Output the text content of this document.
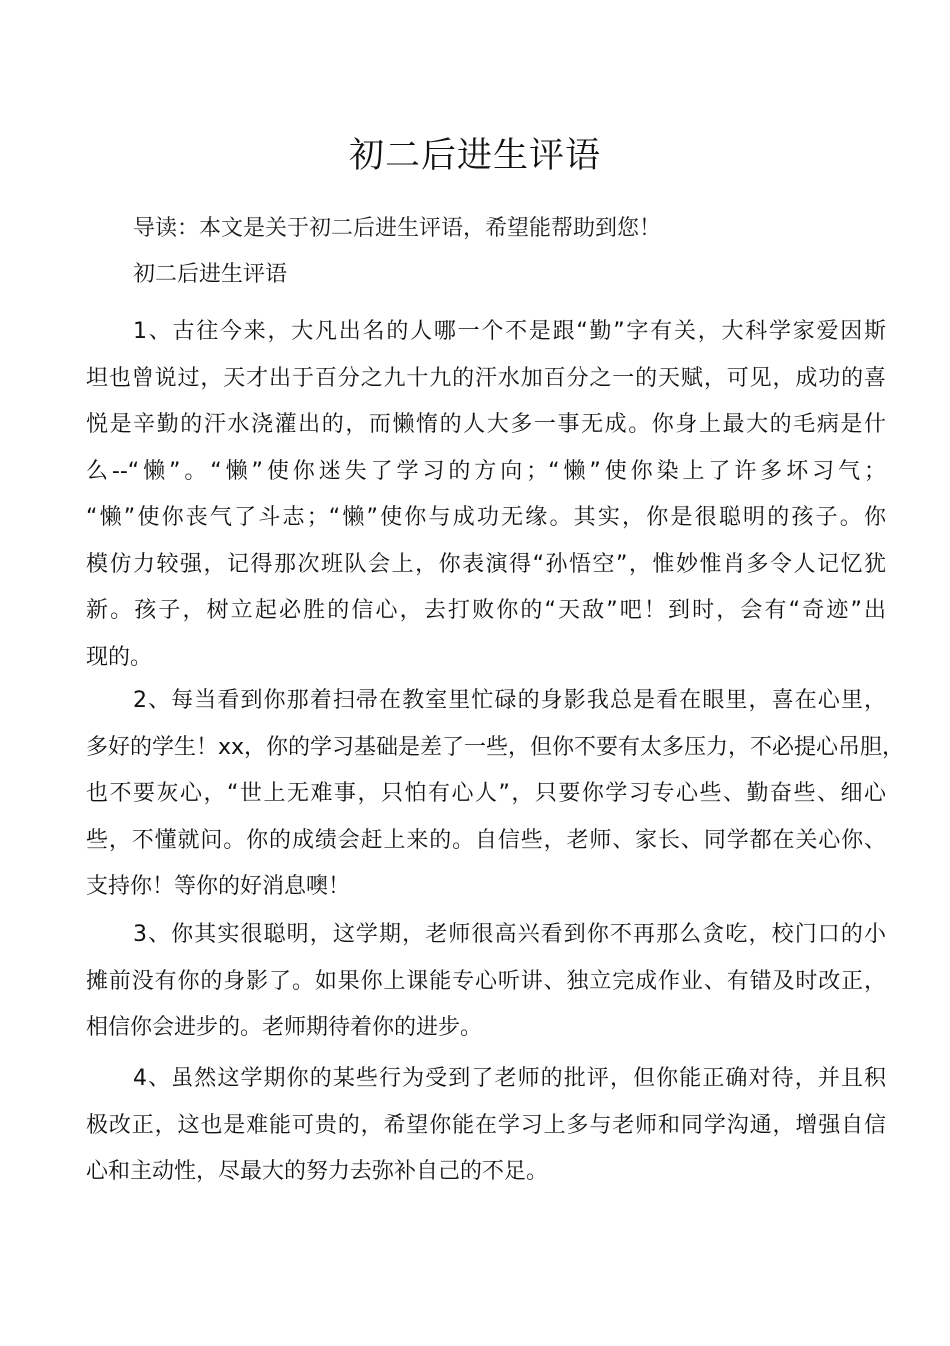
初二后进生评语
导读：本文是关于初二后进生评语，希望能帮助到您！
初二后进生评语
1、古往今来，大凡出名的人哪一个不是跟“勤”字有关，大科学家爱因斯
坦也曾说过，天才出于百分之九十九的汗水加百分之一的天赋，可见，成功的喜
悦是辛勤的汗水浇灌出的，而懒惰的人大多一事无成。你身上最大的毛病是什
么--“懒”。“懒”使你迷失了学习的方向；“懒”使你染上了许多坏习气；
“懒”使你丧气了斗志；“懒”使你与成功无缘。其实，你是很聪明的孩子。你
模仿力较强，记得那次班队会上，你表演得“孙悟空”，惟妙惟肖多令人记忆犹
新。孩子，树立起必胜的信心，去打败你的“天敌”吧！到时，会有“奇迹”出
现的。
2、每当看到你那着扫帚在教室里忙碌的身影我总是看在眼里，喜在心里，
多好的学生！xx，你的学习基础是差了一些，但你不要有太多压力，不必提心吊胆，
也不要灰心，“世上无难事，只怕有心人”，只要你学习专心些、勤奋些、细心
些，不懂就问。你的成绩会赶上来的。自信些，老师、家长、同学都在关心你、
支持你！等你的好消息噢！
3、你其实很聪明，这学期，老师很高兴看到你不再那么贪吃，校门口的小
摊前没有你的身影了。如果你上课能专心听讲、独立完成作业、有错及时改正，
相信你会进步的。老师期待着你的进步。
4、虽然这学期你的某些行为受到了老师的批评，但你能正确对待，并且积
极改正，这也是难能可贵的，希望你能在学习上多与老师和同学沟通，增强自信
心和主动性，尽最大的努力去弥补自己的不足。
